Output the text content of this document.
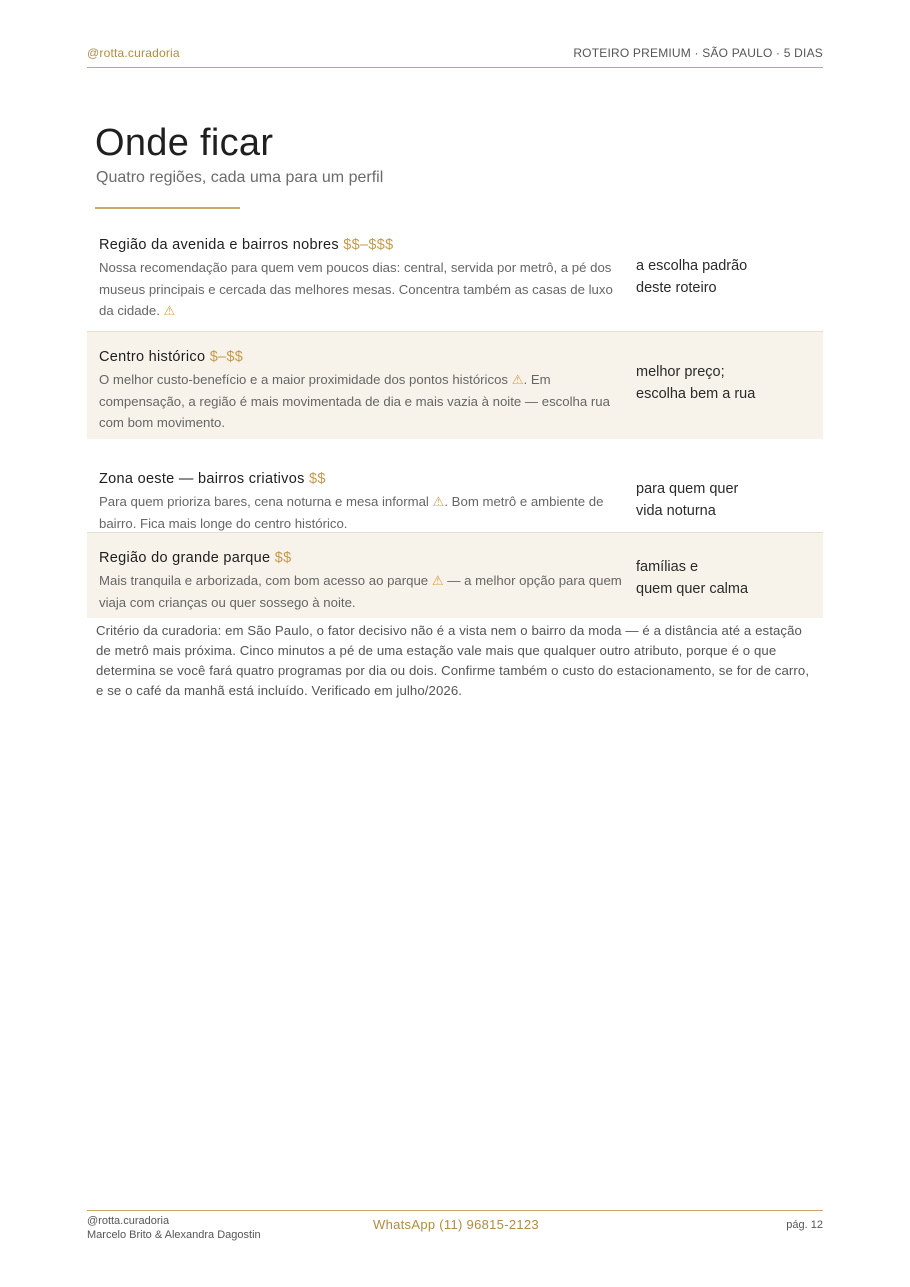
@rotta.curadoria	ROTEIRO PREMIUM · SÃO PAULO · 5 DIAS
Onde ficar

Quatro regiões, cada uma para um perfil

Região da avenida e bairros nobres $$–$$$
Nossa recomendação para quem vem poucos dias: central, servida por metrô, a pé dos museus principais e cercada das melhores mesas. Concentra também as casas de luxo da cidade. ⚠
a escolha padrão
deste roteiro
Centro histórico $–$$
O melhor custo-benefício e a maior proximidade dos pontos históricos ⚠. Em compensação, a região é mais movimentada de dia e mais vazia à noite — escolha rua com bom movimento.
melhor preço;
escolha bem a rua
Zona oeste — bairros criativos $$
Para quem prioriza bares, cena noturna e mesa informal ⚠. Bom metrô e ambiente de bairro. Fica mais longe do centro histórico.
para quem quer
vida noturna
Região do grande parque $$
Mais tranquila e arborizada, com bom acesso ao parque ⚠ — a melhor opção para quem viaja com crianças ou quer sossego à noite.
famílias e
quem quer calma

Critério da curadoria: em São Paulo, o fator decisivo não é a vista nem o bairro da moda — é a distância até a estação de metrô mais próxima. Cinco minutos a pé de uma estação vale mais que qualquer outro atributo, porque é o que determina se você fará quatro programas por dia ou dois. Confirme também o custo do estacionamento, se for de carro, e se o café da manhã está incluído. Verificado em julho/2026.

@rotta.curadoria
Marcelo Brito & Alexandra Dagostin
WhatsApp (11) 96815-2123	pág. 12
